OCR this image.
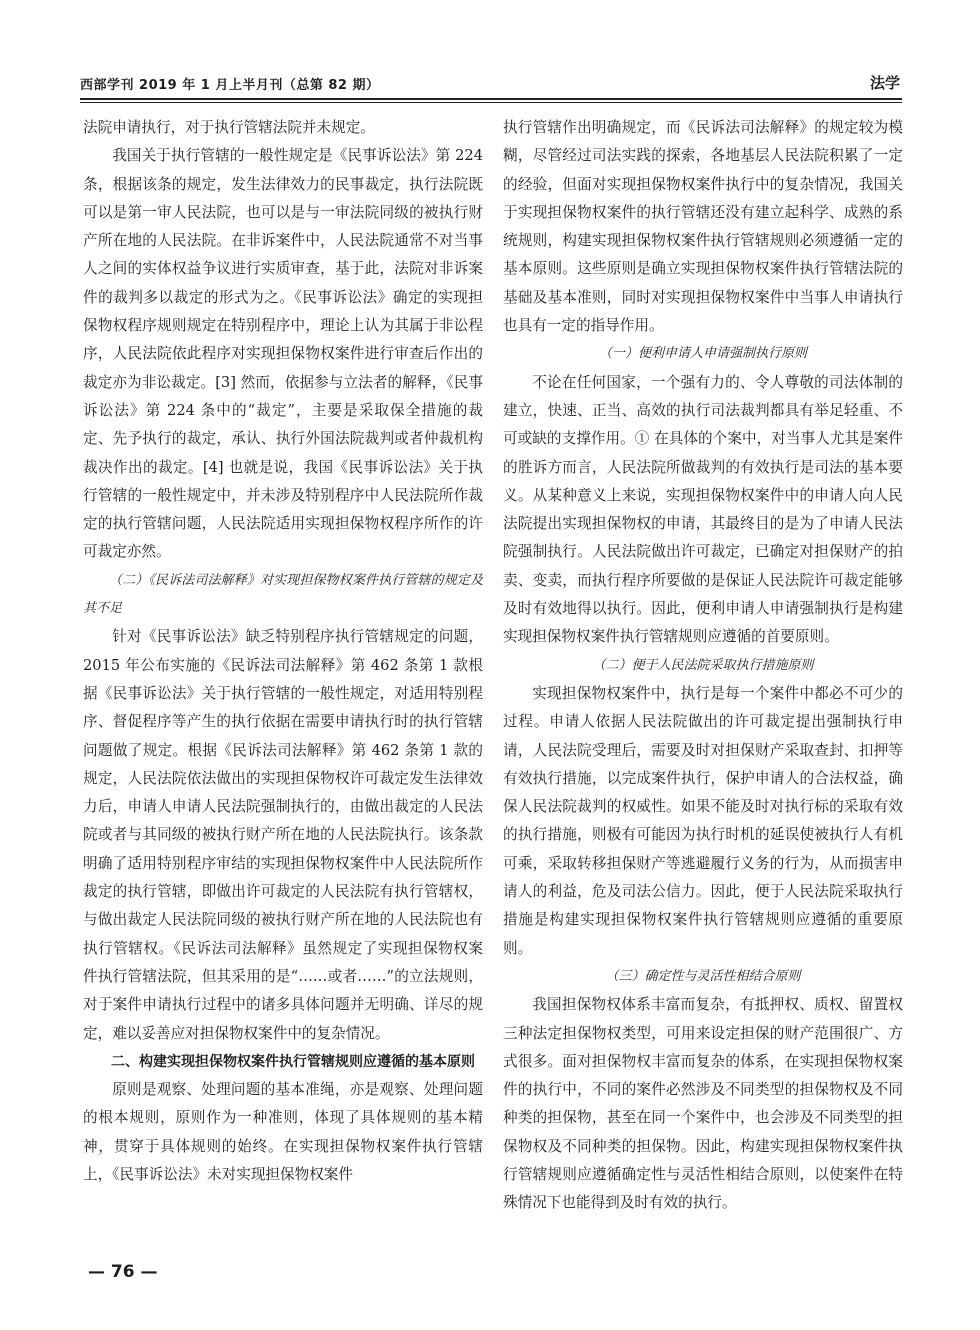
西部学刊 2019 年 1 月上半月刊（总第 82 期）	法学

法院申请执行，对于执行管辖法院并未规定。

我国关于执行管辖的一般性规定是《民事诉讼法》第 224 条，根据该条的规定，发生法律效力的民事裁定，执行法院既可以是第一审人民法院，也可以是与一审法院同级的被执行财产所在地的人民法院。在非诉案件中，人民法院通常不对当事人之间的实体权益争议进行实质审查，基于此，法院对非诉案件的裁判多以裁定的形式为之。《民事诉讼法》确定的实现担保物权程序规则规定在特别程序中，理论上认为其属于非讼程序，人民法院依此程序对实现担保物权案件进行审查后作出的裁定亦为非讼裁定。[3] 然而，依据参与立法者的解释，《民事诉讼法》第 224 条中的“裁定”，主要是采取保全措施的裁定、先予执行的裁定，承认、执行外国法院裁判或者仲裁机构裁决作出的裁定。[4] 也就是说，我国《民事诉讼法》关于执行管辖的一般性规定中，并未涉及特别程序中人民法院所作裁定的执行管辖问题，人民法院适用实现担保物权程序所作的许可裁定亦然。

（二）《民诉法司法解释》对实现担保物权案件执行管辖的规定及其不足

针对《民事诉讼法》缺乏特别程序执行管辖规定的问题，2015 年公布实施的《民诉法司法解释》第 462 条第 1 款根据《民事诉讼法》关于执行管辖的一般性规定，对适用特别程序、督促程序等产生的执行依据在需要申请执行时的执行管辖问题做了规定。根据《民诉法司法解释》第 462 条第 1 款的规定，人民法院依法做出的实现担保物权许可裁定发生法律效力后，申请人申请人民法院强制执行的，由做出裁定的人民法院或者与其同级的被执行财产所在地的人民法院执行。该条款明确了适用特别程序审结的实现担保物权案件中人民法院所作裁定的执行管辖，即做出许可裁定的人民法院有执行管辖权，与做出裁定人民法院同级的被执行财产所在地的人民法院也有执行管辖权。《民诉法司法解释》虽然规定了实现担保物权案件执行管辖法院，但其采用的是“……或者……”的立法规则，对于案件申请执行过程中的诸多具体问题并无明确、详尽的规定，难以妥善应对担保物权案件中的复杂情况。

二、构建实现担保物权案件执行管辖规则应遵循的基本原则

原则是观察、处理问题的基本准绳，亦是观察、处理问题的根本规则，原则作为一种准则，体现了具体规则的基本精神，贯穿于具体规则的始终。在实现担保物权案件执行管辖上，《民事诉讼法》未对实现担保物权案件

执行管辖作出明确规定，而《民诉法司法解释》的规定较为模糊，尽管经过司法实践的探索，各地基层人民法院积累了一定的经验，但面对实现担保物权案件执行中的复杂情况，我国关于实现担保物权案件的执行管辖还没有建立起科学、成熟的系统规则，构建实现担保物权案件执行管辖规则必须遵循一定的基本原则。这些原则是确立实现担保物权案件执行管辖法院的基础及基本准则，同时对实现担保物权案件中当事人申请执行也具有一定的指导作用。

（一）便利申请人申请强制执行原则

不论在任何国家，一个强有力的、令人尊敬的司法体制的建立，快速、正当、高效的执行司法裁判都具有举足轻重、不可或缺的支撑作用。① 在具体的个案中，对当事人尤其是案件的胜诉方而言，人民法院所做裁判的有效执行是司法的基本要义。从某种意义上来说，实现担保物权案件中的申请人向人民法院提出实现担保物权的申请，其最终目的是为了申请人民法院强制执行。人民法院做出许可裁定，已确定对担保财产的拍卖、变卖，而执行程序所要做的是保证人民法院许可裁定能够及时有效地得以执行。因此，便利申请人申请强制执行是构建实现担保物权案件执行管辖规则应遵循的首要原则。

（二）便于人民法院采取执行措施原则

实现担保物权案件中，执行是每一个案件中都必不可少的过程。申请人依据人民法院做出的许可裁定提出强制执行申请，人民法院受理后，需要及时对担保财产采取查封、扣押等有效执行措施，以完成案件执行，保护申请人的合法权益，确保人民法院裁判的权威性。如果不能及时对执行标的采取有效的执行措施，则极有可能因为执行时机的延误使被执行人有机可乘，采取转移担保财产等逃避履行义务的行为，从而损害申请人的利益，危及司法公信力。因此，便于人民法院采取执行措施是构建实现担保物权案件执行管辖规则应遵循的重要原则。

（三）确定性与灵活性相结合原则

我国担保物权体系丰富而复杂，有抵押权、质权、留置权三种法定担保物权类型，可用来设定担保的财产范围很广、方式很多。面对担保物权丰富而复杂的体系，在实现担保物权案件的执行中，不同的案件必然涉及不同类型的担保物权及不同种类的担保物，甚至在同一个案件中，也会涉及不同类型的担保物权及不同种类的担保物。因此，构建实现担保物权案件执行管辖规则应遵循确定性与灵活性相结合原则，以使案件在特殊情况下也能得到及时有效的执行。

— 76 —
